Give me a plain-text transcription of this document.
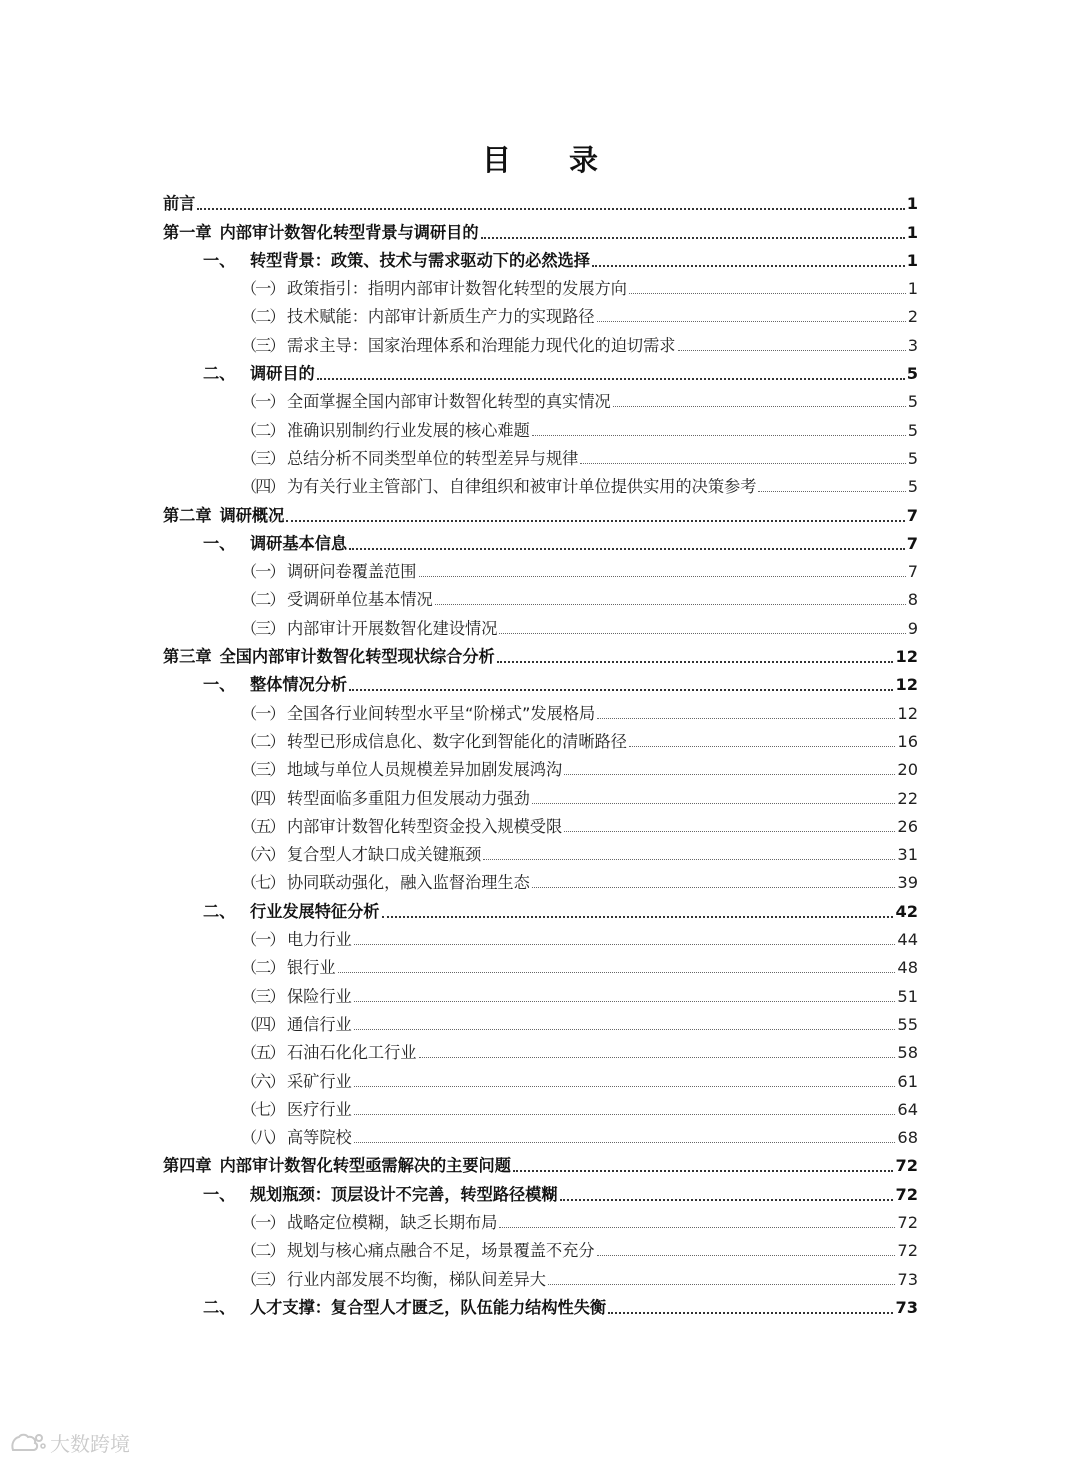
目 录
前言	1
第一章 内部审计数智化转型背景与调研目的	1
一、 转型背景：政策、技术与需求驱动下的必然选择	1
（一） 政策指引：指明内部审计数智化转型的发展方向	1
（二） 技术赋能：内部审计新质生产力的实现路径	2
（三） 需求主导：国家治理体系和治理能力现代化的迫切需求	3
二、 调研目的	5
（一） 全面掌握全国内部审计数智化转型的真实情况	5
（二） 准确识别制约行业发展的核心难题	5
（三） 总结分析不同类型单位的转型差异与规律	5
（四） 为有关行业主管部门、自律组织和被审计单位提供实用的决策参考	5
第二章 调研概况	7
一、 调研基本信息	7
（一） 调研问卷覆盖范围	7
（二） 受调研单位基本情况	8
（三） 内部审计开展数智化建设情况	9
第三章 全国内部审计数智化转型现状综合分析	12
一、 整体情况分析	12
（一） 全国各行业间转型水平呈“阶梯式”发展格局	12
（二） 转型已形成信息化、数字化到智能化的清晰路径	16
（三） 地域与单位人员规模差异加剧发展鸿沟	20
（四） 转型面临多重阻力但发展动力强劲	22
（五） 内部审计数智化转型资金投入规模受限	26
（六） 复合型人才缺口成关键瓶颈	31
（七） 协同联动强化，融入监督治理生态	39
二、 行业发展特征分析	42
（一） 电力行业	44
（二） 银行业	48
（三） 保险行业	51
（四） 通信行业	55
（五） 石油石化化工行业	58
（六） 采矿行业	61
（七） 医疗行业	64
（八） 高等院校	68
第四章 内部审计数智化转型亟需解决的主要问题	72
一、 规划瓶颈：顶层设计不完善，转型路径模糊	72
（一） 战略定位模糊，缺乏长期布局	72
（二） 规划与核心痛点融合不足，场景覆盖不充分	72
（三） 行业内部发展不均衡，梯队间差异大	73
二、 人才支撑：复合型人才匮乏，队伍能力结构性失衡	73
大数跨境
